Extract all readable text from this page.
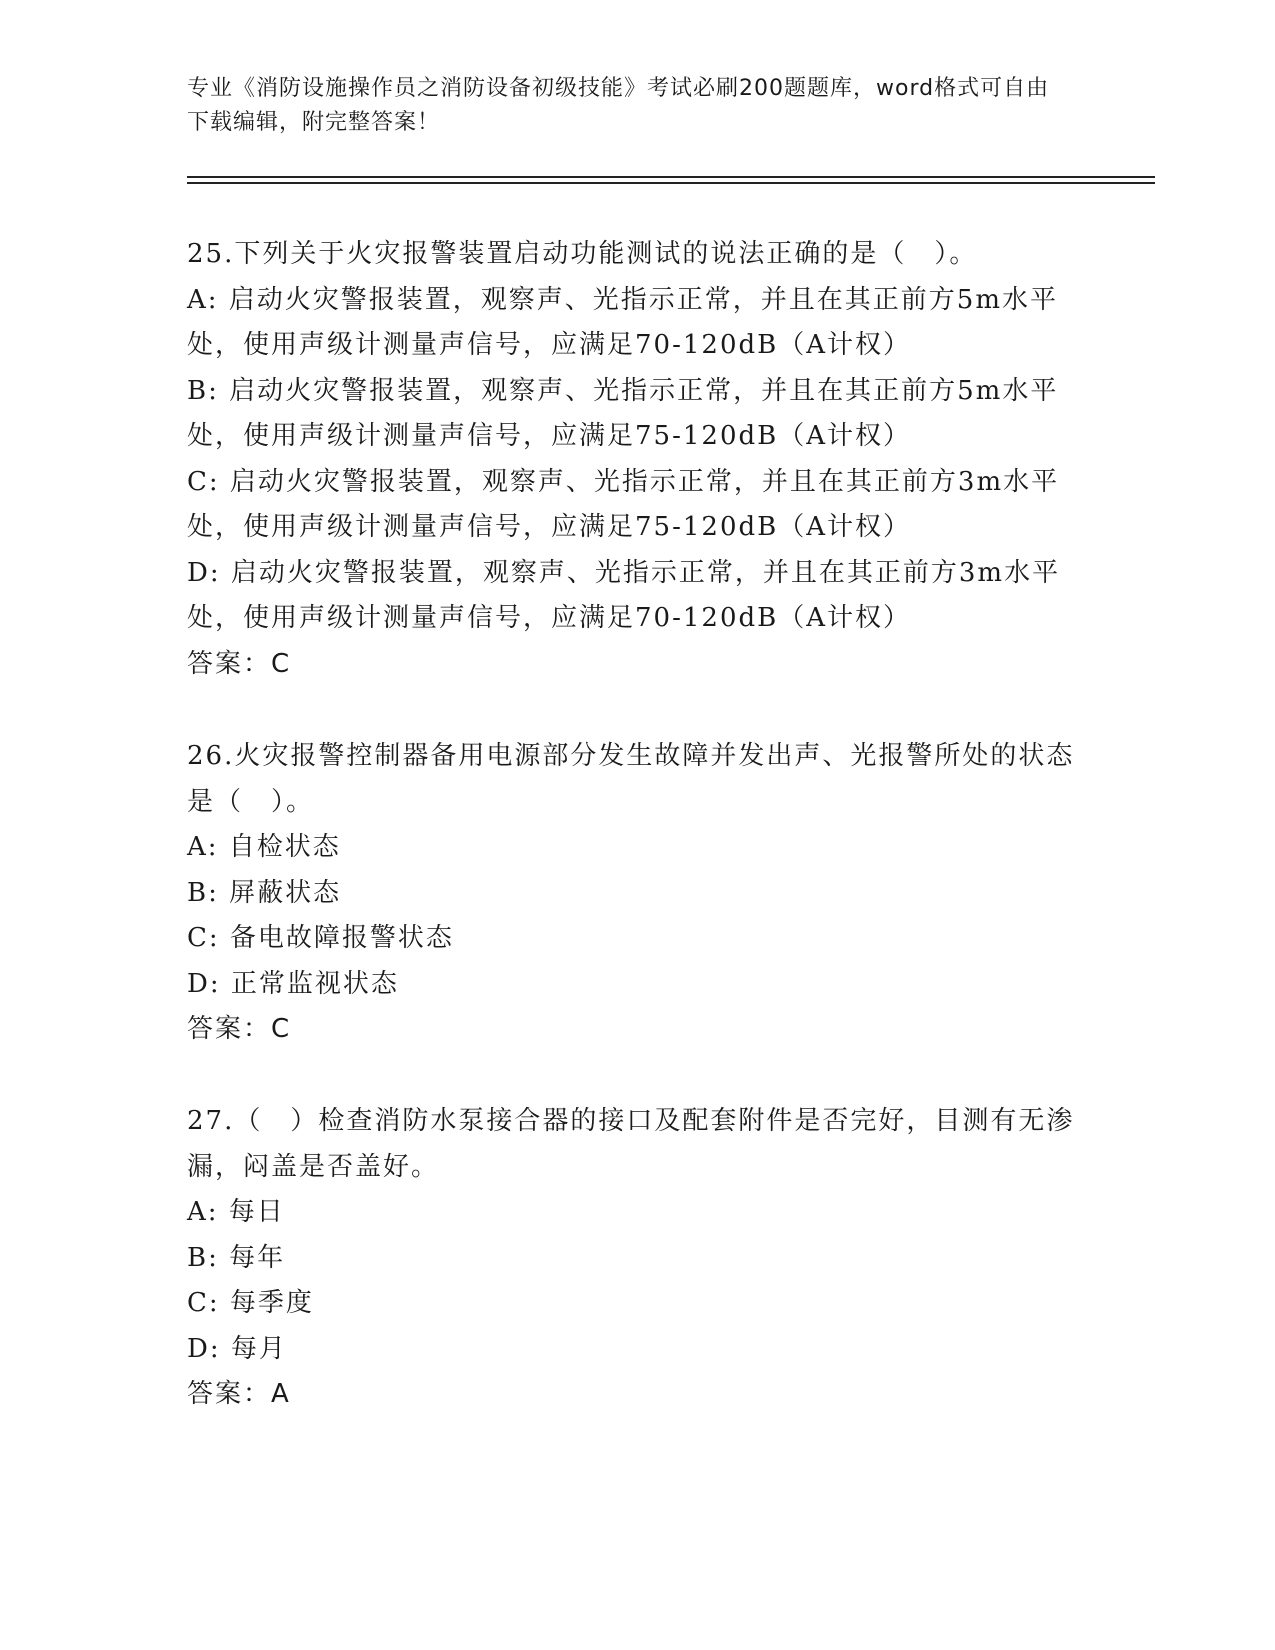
专业《消防设施操作员之消防设备初级技能》考试必刷200题题库，word格式可自由下载编辑，附完整答案！

25.下列关于火灾报警装置启动功能测试的说法正确的是（　）。

A: 启动火灾警报装置，观察声、光指示正常，并且在其正前方5m水平处，使用声级计测量声信号，应满足70-120dB（A计权）

B: 启动火灾警报装置，观察声、光指示正常，并且在其正前方5m水平处，使用声级计测量声信号，应满足75-120dB（A计权）

C: 启动火灾警报装置，观察声、光指示正常，并且在其正前方3m水平处，使用声级计测量声信号，应满足75-120dB（A计权）

D: 启动火灾警报装置，观察声、光指示正常，并且在其正前方3m水平处，使用声级计测量声信号，应满足70-120dB（A计权）

答案：C

26.火灾报警控制器备用电源部分发生故障并发出声、光报警所处的状态是（　）。

A: 自检状态

B: 屏蔽状态

C: 备电故障报警状态

D: 正常监视状态

答案：C

27.（　）检查消防水泵接合器的接口及配套附件是否完好，目测有无渗漏，闷盖是否盖好。

A: 每日

B: 每年

C: 每季度

D: 每月

答案：A
